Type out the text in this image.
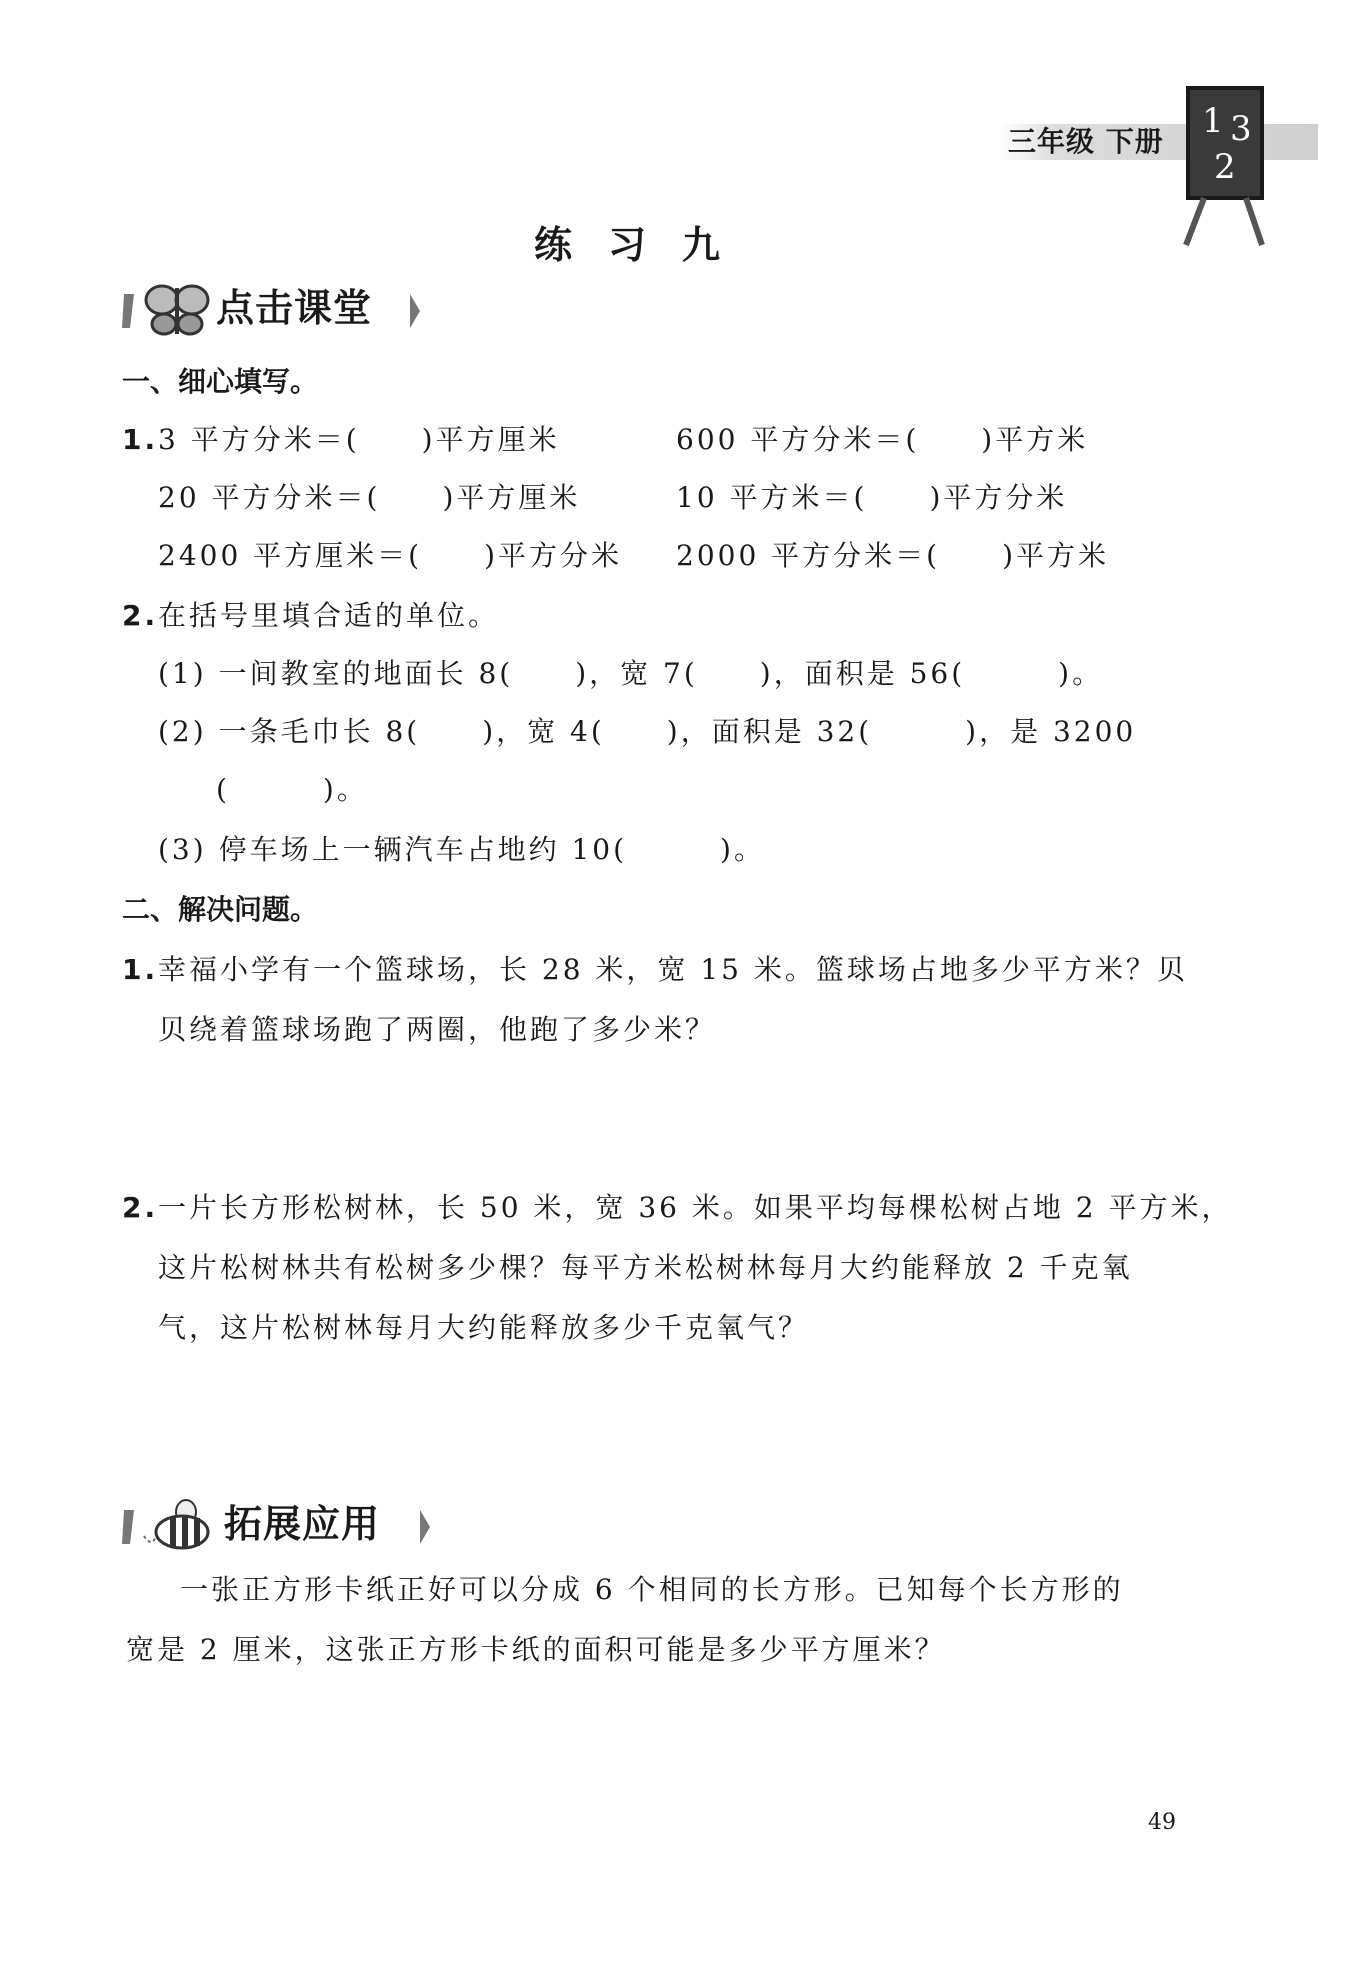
三年级 下册
1 3
2
练习九
点击课堂
一、细心填写。
1. 3 平方分米＝(　　)平方厘米	600 平方分米＝(　　)平方米
20 平方分米＝(　　)平方厘米	10 平方米＝(　　)平方分米
2400 平方厘米＝(　　)平方分米 2000 平方分米＝(　　)平方米
2. 在括号里填合适的单位。
(1) 一间教室的地面长 8(　　)，宽 7(　　)，面积是 56(　　　)。
(2) 一条毛巾长 8(　　)，宽 4(　　)，面积是 32(　　　)，是 3200
(　　　)。
(3) 停车场上一辆汽车占地约 10(　　　)。
二、解决问题。
1. 幸福小学有一个篮球场，长 28 米，宽 15 米。篮球场占地多少平方米？贝
贝绕着篮球场跑了两圈，他跑了多少米？
2. 一片长方形松树林，长 50 米，宽 36 米。如果平均每棵松树占地 2 平方米，
这片松树林共有松树多少棵？每平方米松树林每月大约能释放 2 千克氧
气，这片松树林每月大约能释放多少千克氧气？
拓展应用
一张正方形卡纸正好可以分成 6 个相同的长方形。已知每个长方形的
宽是 2 厘米，这张正方形卡纸的面积可能是多少平方厘米？
49
